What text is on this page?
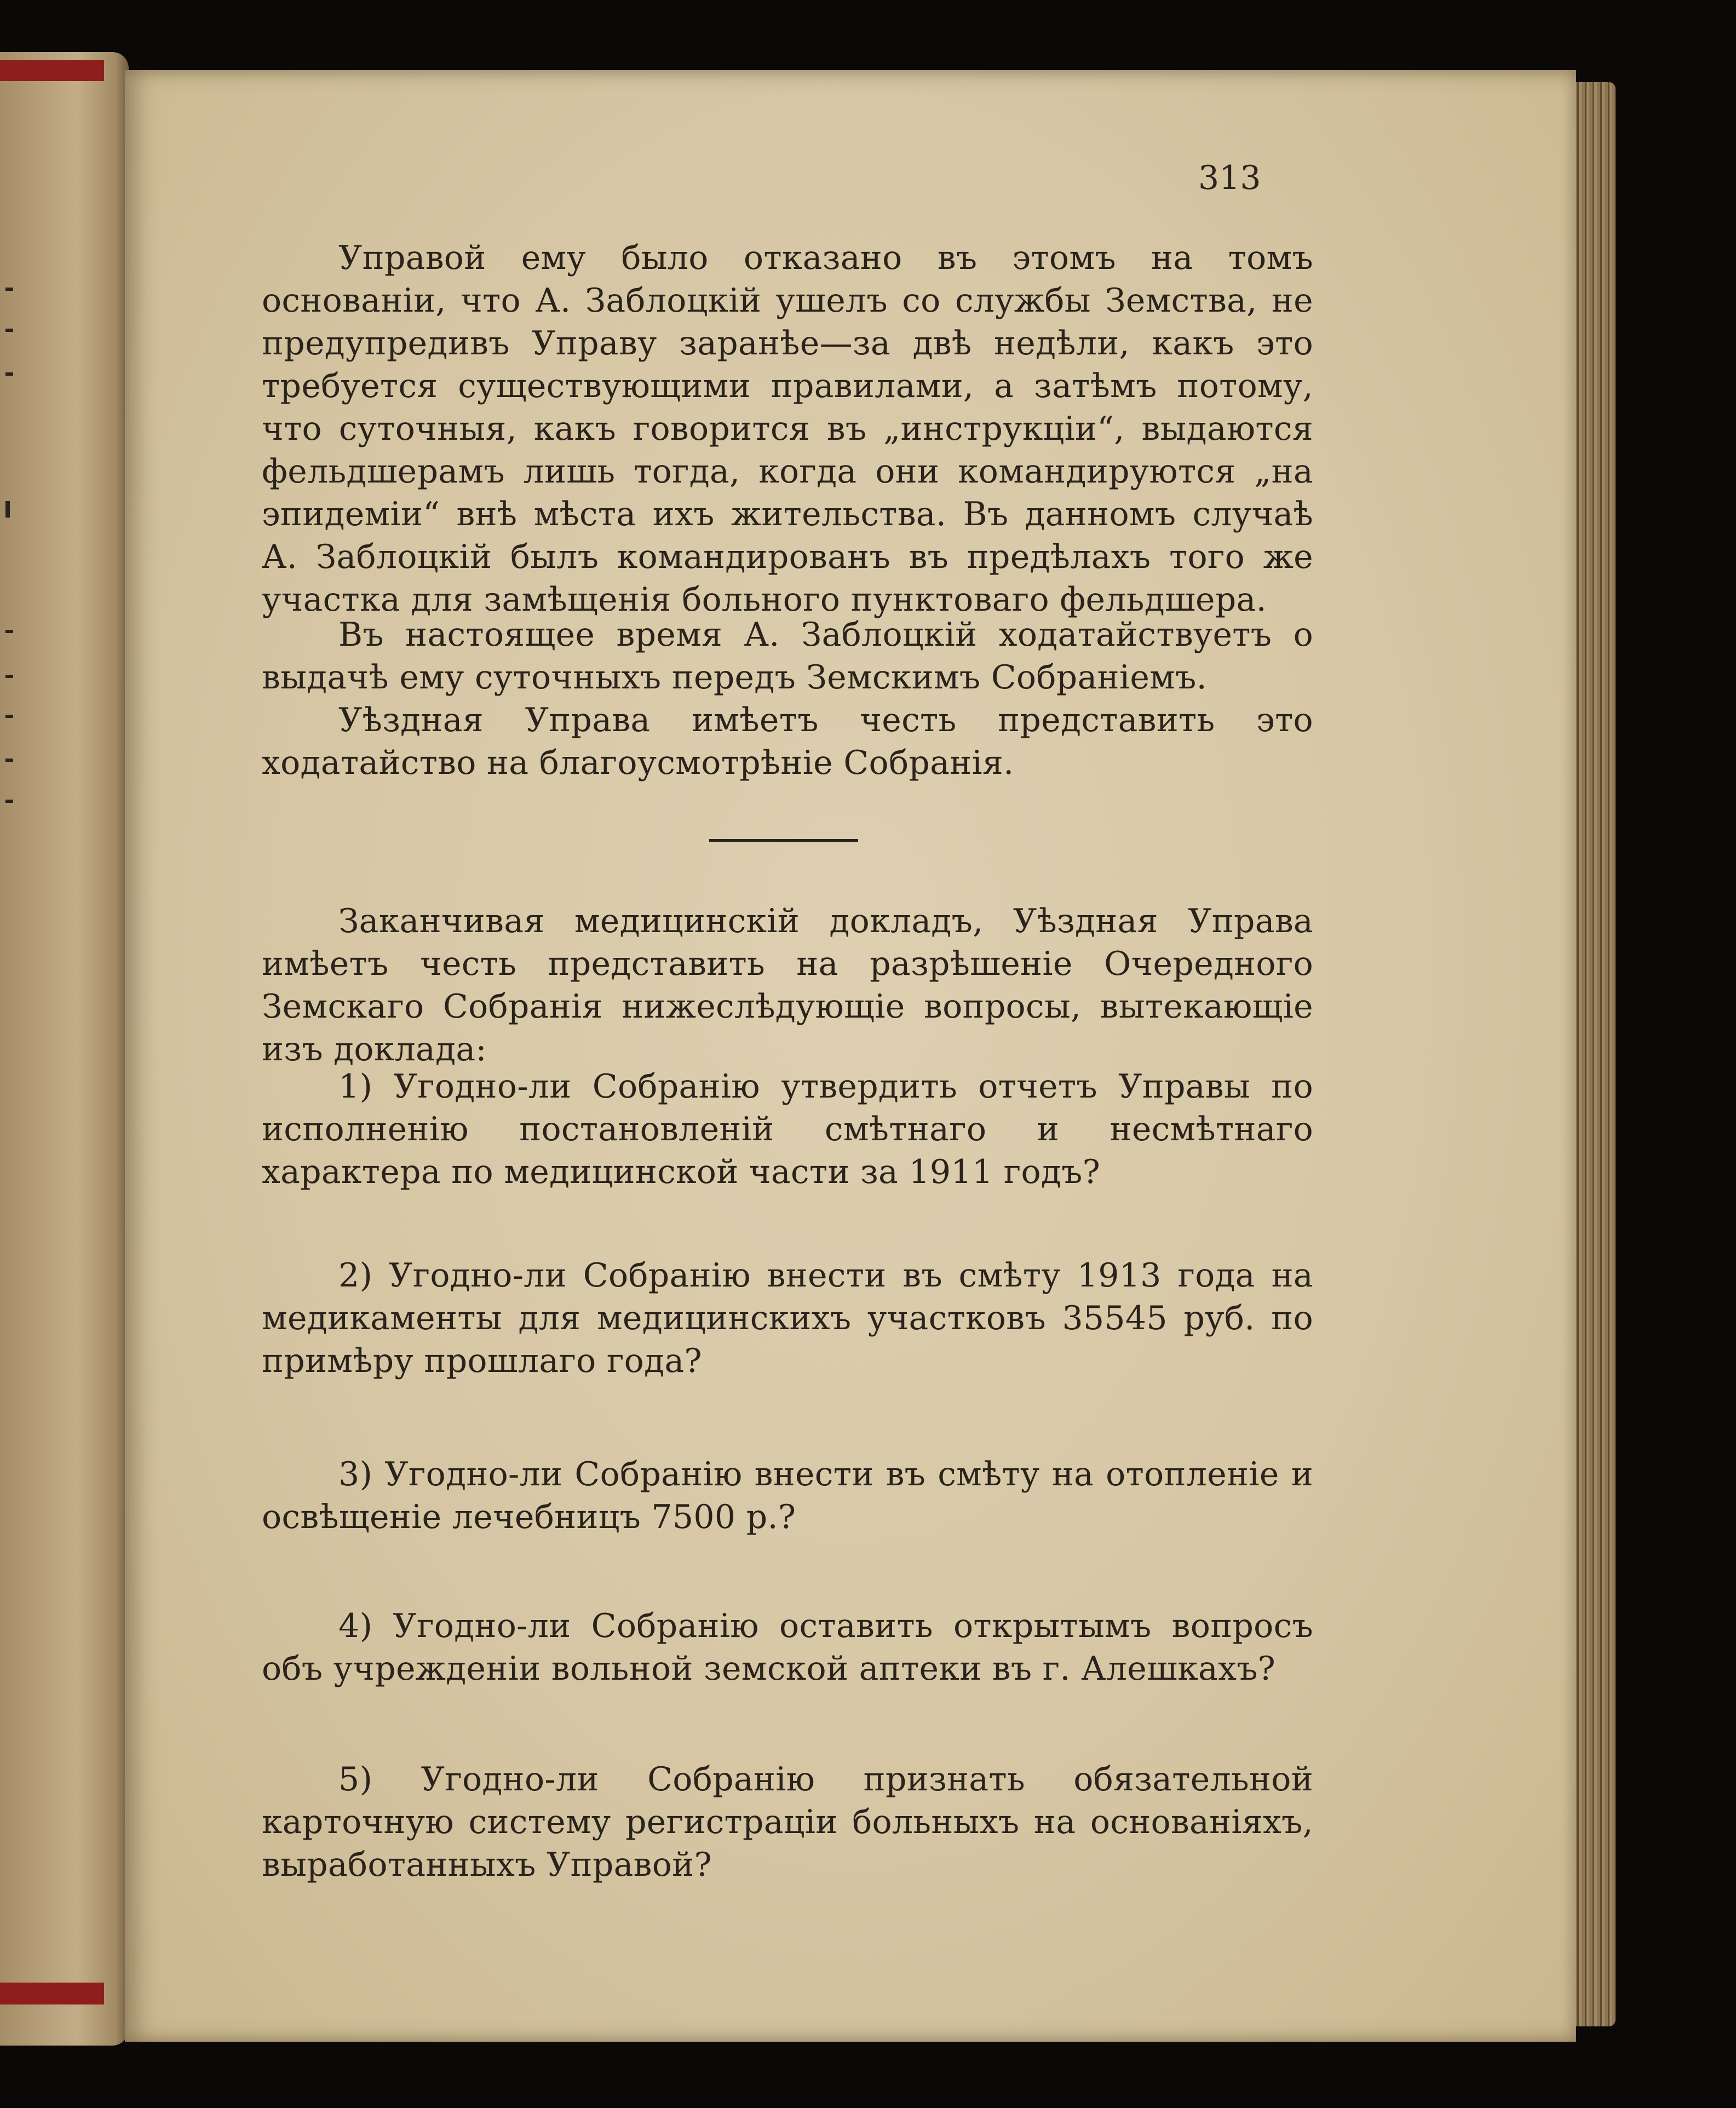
313

Управой ему было отказано въ этомъ на томъ основанiи, что А. Заблоцкiй ушелъ со службы Земства, не предупредивъ Управу заранѣе—за двѣ недѣли, какъ это требуется существующими правилами, а затѣмъ потому, что суточныя, какъ говорится въ „инструкцiи“, выдаются фельдшерамъ лишь тогда, когда они командируются „на эпидемiи“ внѣ мѣста ихъ жительства. Въ данномъ случаѣ А. Заблоцкiй былъ командированъ въ предѣлахъ того же участка для замѣщенiя больного пунктоваго фельдшера.

Въ настоящее время А. Заблоцкiй ходатайствуетъ о выдачѣ ему суточныхъ передъ Земскимъ Собранiемъ.

Уѣздная Управа имѣетъ честь представить это ходатайство на благоусмотрѣнiе Собранiя.

Заканчивая медицинскiй докладъ, Уѣздная Управа имѣетъ честь представить на разрѣшенiе Очередного Земскаго Собранiя нижеслѣдующiе вопросы, вытекающiе изъ доклада:

1) Угодно-ли Собранiю утвердить отчетъ Управы по исполненiю постановленiй смѣтнаго и несмѣтнаго характера по медицинской части за 1911 годъ?

2) Угодно-ли Собранiю внести въ смѣту 1913 года на медикаменты для медицинскихъ участковъ 35545 руб. по примѣру прошлаго года?

3) Угодно-ли Собранiю внести въ смѣту на отопленiе и освѣщенiе лечебницъ 7500 р.?

4) Угодно-ли Собранiю оставить открытымъ вопросъ объ учрежденiи вольной земской аптеки въ г. Алешкахъ?

5) Угодно-ли Собранiю признать обязательной карточную систему регистрацiи больныхъ на основанiяхъ, выработанныхъ Управой?
